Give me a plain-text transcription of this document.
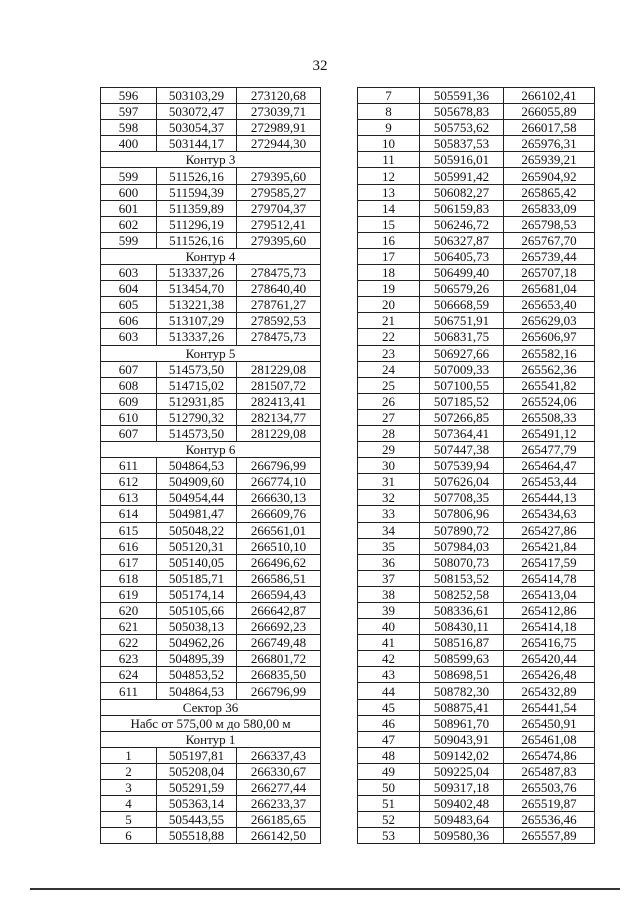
32
596	503103,29	273120,68
597	503072,47	273039,71
598	503054,37	272989,91
400	503144,17	272944,30
Контур 3		
599	511526,16	279395,60
600	511594,39	279585,27
601	511359,89	279704,37
602	511296,19	279512,41
599	511526,16	279395,60
Контур 4		
603	513337,26	278475,73
604	513454,70	278640,40
605	513221,38	278761,27
606	513107,29	278592,53
603	513337,26	278475,73
Контур 5		
607	514573,50	281229,08
608	514715,02	281507,72
609	512931,85	282413,41
610	512790,32	282134,77
607	514573,50	281229,08
Контур 6		
611	504864,53	266796,99
612	504909,60	266774,10
613	504954,44	266630,13
614	504981,47	266609,76
615	505048,22	266561,01
616	505120,31	266510,10
617	505140,05	266496,62
618	505185,71	266586,51
619	505174,14	266594,43
620	505105,66	266642,87
621	505038,13	266692,23
622	504962,26	266749,48
623	504895,39	266801,72
624	504853,52	266835,50
611	504864,53	266796,99
Сектор 36		
Набс от 575,00 м до 580,00 м		
Контур 1		
1	505197,81	266337,43
2	505208,04	266330,67
3	505291,59	266277,44
4	505363,14	266233,37
5	505443,55	266185,65
6	505518,88	266142,50
7	505591,36	266102,41
8	505678,83	266055,89
9	505753,62	266017,58
10	505837,53	265976,31
11	505916,01	265939,21
12	505991,42	265904,92
13	506082,27	265865,42
14	506159,83	265833,09
15	506246,72	265798,53
16	506327,87	265767,70
17	506405,73	265739,44
18	506499,40	265707,18
19	506579,26	265681,04
20	506668,59	265653,40
21	506751,91	265629,03
22	506831,75	265606,97
23	506927,66	265582,16
24	507009,33	265562,36
25	507100,55	265541,82
26	507185,52	265524,06
27	507266,85	265508,33
28	507364,41	265491,12
29	507447,38	265477,79
30	507539,94	265464,47
31	507626,04	265453,44
32	507708,35	265444,13
33	507806,96	265434,63
34	507890,72	265427,86
35	507984,03	265421,84
36	508070,73	265417,59
37	508153,52	265414,78
38	508252,58	265413,04
39	508336,61	265412,86
40	508430,11	265414,18
41	508516,87	265416,75
42	508599,63	265420,44
43	508698,51	265426,48
44	508782,30	265432,89
45	508875,41	265441,54
46	508961,70	265450,91
47	509043,91	265461,08
48	509142,02	265474,86
49	509225,04	265487,83
50	509317,18	265503,76
51	509402,48	265519,87
52	509483,64	265536,46
53	509580,36	265557,89
